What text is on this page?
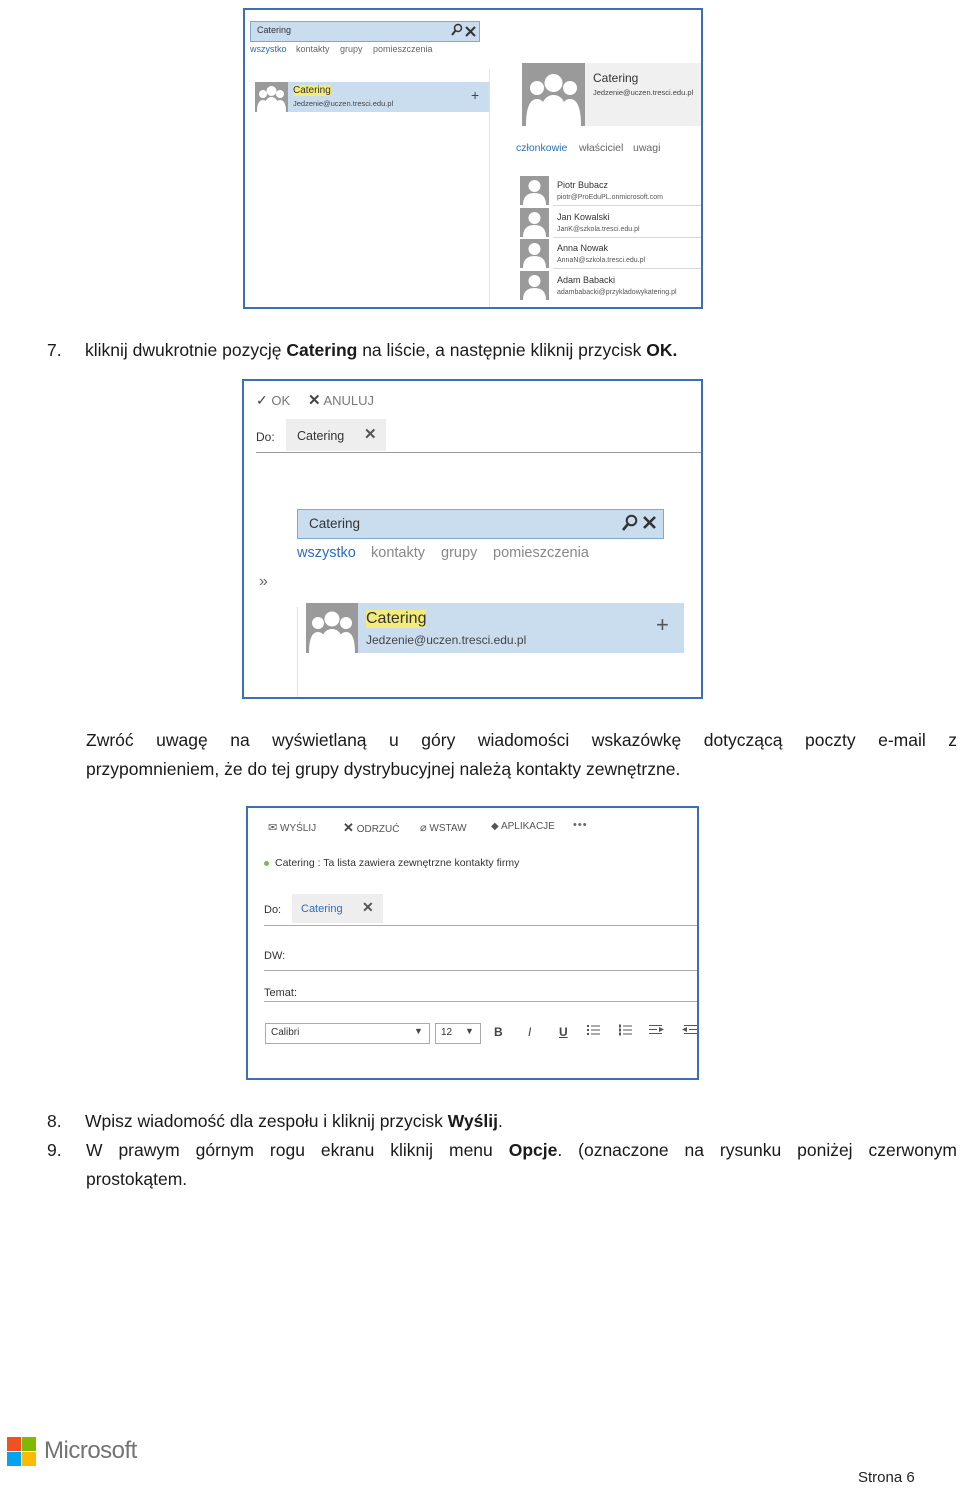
Catering
wszystko kontakty grupy pomieszczenia
Catering
Jedzenie@uczen.tresci.edu.pl
+
Catering
Jedzenie@uczen.tresci.edu.pl
członkowie właściciel uwagi
Piotr Bubacz
piotr@ProEduPL.onmicrosoft.com
Jan Kowalski
JanK@szkola.tresci.edu.pl
Anna Nowak
AnnaN@szkola.tresci.edu.pl
Adam Babacki
adambabacki@przykladowykatering.pl
7. kliknij dwukrotnie pozycję Catering na liście, a następnie kliknij przycisk OK.
✓ OK ✕ ANULUJ
Do: Catering ✕
Catering
wszystko kontakty grupy pomieszczenia
»
Catering
Jedzenie@uczen.tresci.edu.pl
+
Zwróć uwagę na wyświetlaną u góry wiadomości wskazówkę dotyczącą poczty e-mail z
przypomnieniem, że do tej grupy dystrybucyjnej należą kontakty zewnętrzne.
✉ WYŚLIJ ✕ ODRZUĆ ⌀ WSTAW ◆ APLIKACJE •••
Catering : Ta lista zawiera zewnętrzne kontakty firmy
Do: Catering ✕
DW:
Temat:
Calibri	▼ 12 ▼ B I U
8. Wpisz wiadomość dla zespołu i kliknij przycisk Wyślij.
9. W prawym górnym rogu ekranu kliknij menu Opcje. (oznaczone na rysunku poniżej czerwonym
prostokątem.
Microsoft
Strona 6
